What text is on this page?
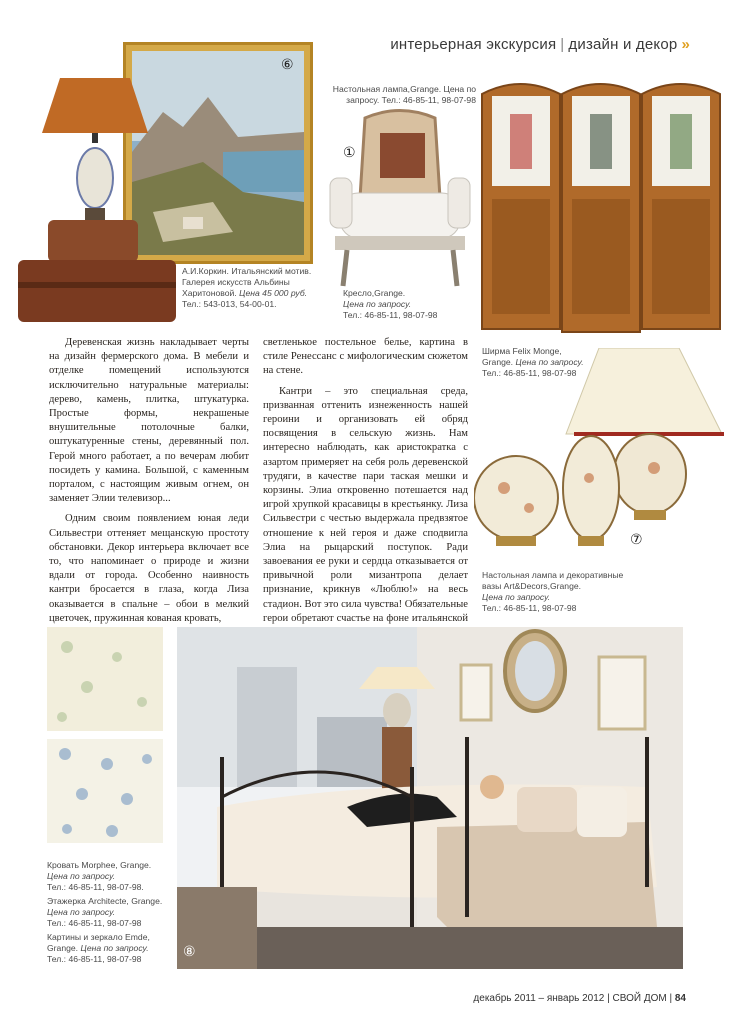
интерьерная экскурсия | дизайн и декор »
⑥
А.И.Коркин. Итальянский мотив.
Галерея искусcтв Альбины
Харитоновой. Цена 45 000 руб.
Тел.: 543-013, 54-00-01.
Настольная лампа,Grange. Цена по
запросу. Тел.: 46-85-11, 98-07-98
①
Кресло,Grange.
Цена по запросу.
Тел.: 46-85-11, 98-07-98
Ширма Felix Monge,
Grange. Цена по запросу.
Тел.: 46-85-11, 98-07-98
⑦
Настольная лампа и декоративные
вазы Art&Decors,Grange.
Цена по запросу.
Тел.: 46-85-11, 98-07-98

Деревенская жизнь накладывает черты на дизайн фермерского дома. В мебели и отделке помещений используются исключительно натуральные материалы: дерево, камень, плитка, штукатурка. Простые формы, некрашеные внушительные потолочные балки, оштукатуренные стены, деревянный пол. Герой много работает, а по вечерам любит посидеть у камина. Большой, с каменным порталом, с настоящим живым огнем, он заменяет Элии телевизор...

Одним своим появлением юная леди Сильвестри оттеняет мещанскую простоту обстановки. Декор интерьера включает все то, что напоминает о природе и жизни вдали от города. Особенно наивность кантри бросается в глаза, когда Лиза оказывается в спальне – обои в мелкий цветочек, пружинная кованая кровать,

светленькое постельное белье, картина в стиле Ренессанс с мифологическим сюжетом на стене.

Кантри – это специальная среда, призванная оттенить изнеженность нашей героини и организовать ей обряд посвящения в сельскую жизнь. Нам интересно наблюдать, как аристократка с азартом примеряет на себя роль деревенской трудяги, в качестве пари таская мешки и корзины. Элиа откровенно потешается над игрой хрупкой красавицы в крестьянку. Лиза Сильвестри с честью выдержала предвзятое отношение к ней героя и даже сподвигла Элиа на рыцарский поступок. Ради завоевания ее руки и сердца отказывается от привычной роли мизантропа делает признание, крикнув «Люблю!» на весь стадион. Вот это сила чувства! Обязательные герои обретают счастье на фоне итальянской

Кровать Morphee, Grange.
Цена по запросу.
Тел.: 46-85-11, 98-07-98.
Этажерка Architecte, Grange.
Цена по запросу.
Тел.: 46-85-11, 98-07-98
Картины и зеркало Emde,
Grange. Цена по запросу.
Тел.: 46-85-11, 98-07-98	⑧
декабрь 2011 – январь 2012 | СВОЙ ДОМ | 84
